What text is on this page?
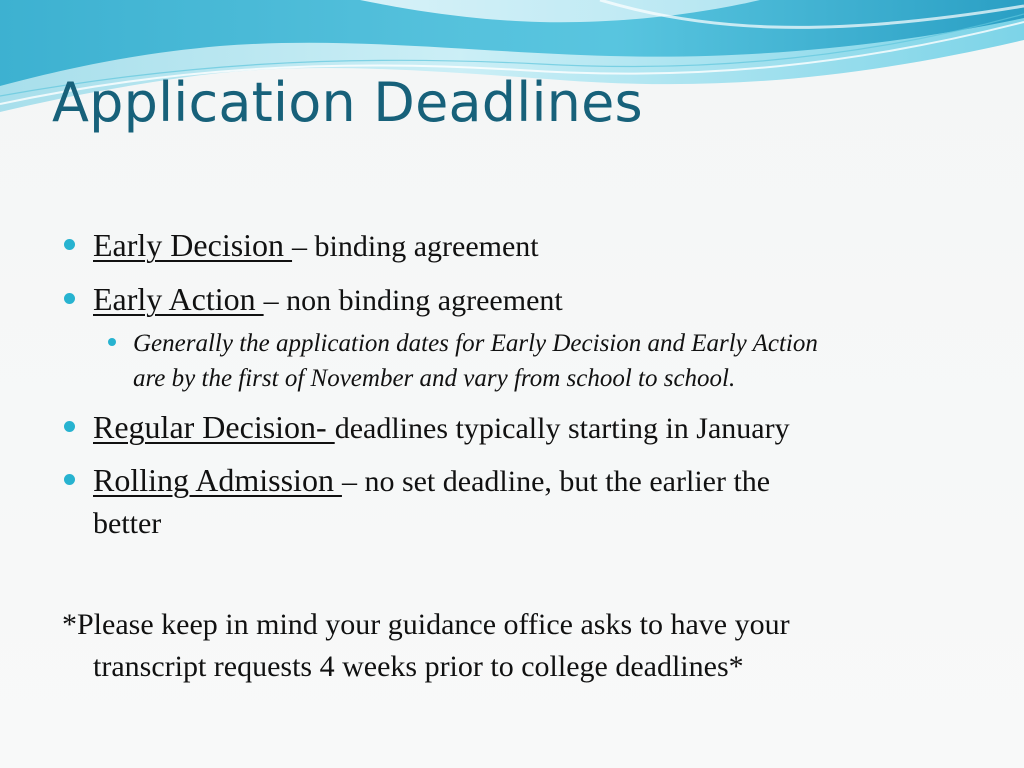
Application Deadlines
Early Decision – binding agreement
Early Action – non binding agreement
Generally the application dates for Early Decision and Early Action
are by the first of November and vary from school to school.
Regular Decision- deadlines typically starting in January
Rolling Admission – no set deadline, but the earlier the
better
*Please keep in mind your guidance office asks to have your
transcript requests 4 weeks prior to college deadlines*
